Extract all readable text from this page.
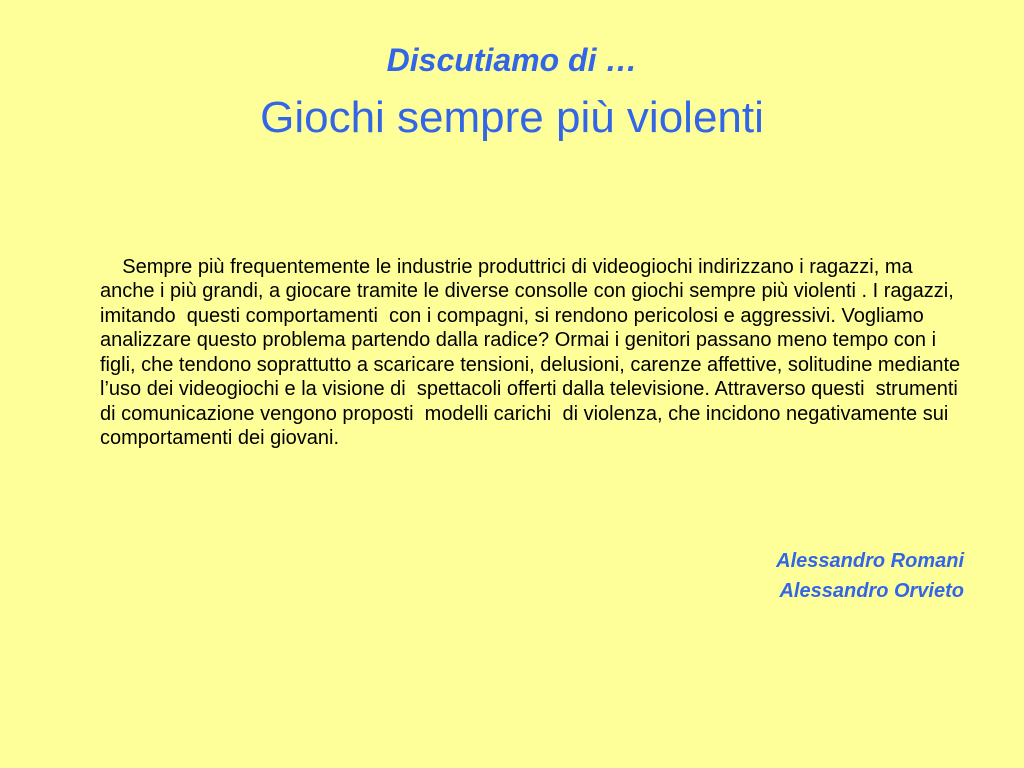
Discutiamo di …
Giochi sempre più violenti

Sempre più frequentemente le industrie produttrici di videogiochi indirizzano i ragazzi, ma anche i più grandi, a giocare tramite le diverse consolle con giochi sempre più violenti . I ragazzi, imitando  questi comportamenti  con i compagni, si rendono pericolosi e aggressivi. Vogliamo analizzare questo problema partendo dalla radice? Ormai i genitori passano meno tempo con i figli, che tendono soprattutto a scaricare tensioni, delusioni, carenze affettive, solitudine mediante l’uso dei videogiochi e la visione di  spettacoli offerti dalla televisione. Attraverso questi  strumenti di comunicazione vengono proposti  modelli carichi  di violenza, che incidono negativamente sui comportamenti dei giovani.

Alessandro Romani
Alessandro Orvieto
